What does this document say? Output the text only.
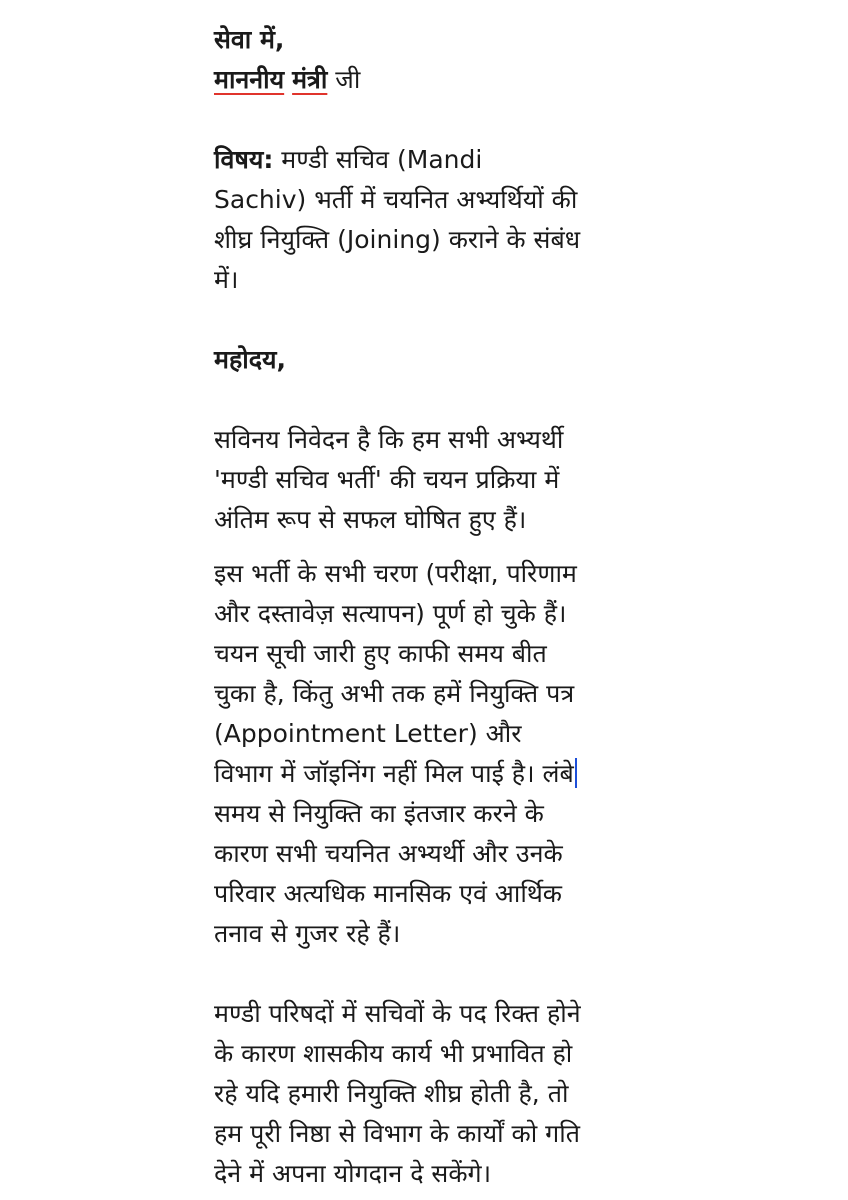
सेवा में,
माननीय मंत्री जी
विषय: मण्डी सचिव (Mandi
Sachiv) भर्ती में चयनित अभ्यर्थियों की
शीघ्र नियुक्ति (Joining) कराने के संबंध
में।
महोदय,
सविनय निवेदन है कि हम सभी अभ्यर्थी
'मण्डी सचिव भर्ती' की चयन प्रक्रिया में
अंतिम रूप से सफल घोषित हुए हैं।
इस भर्ती के सभी चरण (परीक्षा, परिणाम
और दस्तावेज़ सत्यापन) पूर्ण हो चुके हैं।
चयन सूची जारी हुए काफी समय बीत
चुका है, किंतु अभी तक हमें नियुक्ति पत्र
(Appointment Letter) और
विभाग में जॉइनिंग नहीं मिल पाई है। लंबे
समय से नियुक्ति का इंतजार करने के
कारण सभी चयनित अभ्यर्थी और उनके
परिवार अत्यधिक मानसिक एवं आर्थिक
तनाव से गुजर रहे हैं।
मण्डी परिषदों में सचिवों के पद रिक्त होने
के कारण शासकीय कार्य भी प्रभावित हो
रहे यदि हमारी नियुक्ति शीघ्र होती है, तो
हम पूरी निष्ठा से विभाग के कार्यों को गति
देने में अपना योगदान दे सकेंगे।
